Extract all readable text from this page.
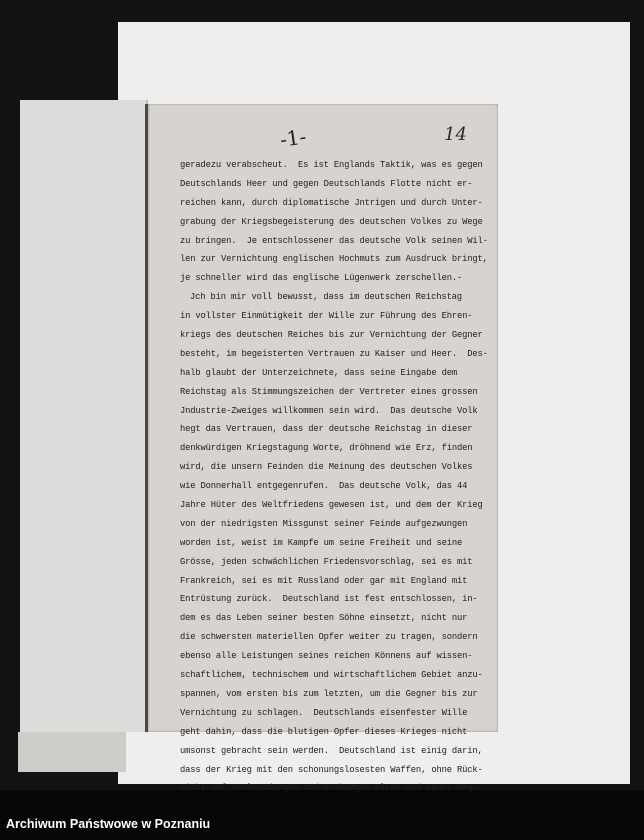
-1-	14
geradezu verabscheut.  Es ist Englands Taktik, was es gegen
Deutschlands Heer und gegen Deutschlands Flotte nicht er-
reichen kann, durch diplomatische Jntrigen und durch Unter-
grabung der Kriegsbegeisterung des deutschen Volkes zu Wege
zu bringen.  Je entschlossener das deutsche Volk seinen Wil-
len zur Vernichtung englischen Hochmuts zum Ausdruck bringt,
je schneller wird das englische Lügenwerk zerschellen.-
Jch bin mir voll bewusst, dass im deutschen Reichstag
in vollster Einmütigkeit der Wille zur Führung des Ehren-
kriegs des deutschen Reiches bis zur Vernichtung der Gegner
besteht, im begeisterten Vertrauen zu Kaiser und Heer.  Des-
halb glaubt der Unterzeichnete, dass seine Eingabe dem
Reichstag als Stimmungszeichen der Vertreter eines grossen
Jndustrie-Zweiges willkommen sein wird.  Das deutsche Volk
hegt das Vertrauen, dass der deutsche Reichstag in dieser
denkwürdigen Kriegstagung Worte, dröhnend wie Erz, finden
wird, die unsern Feinden die Meinung des deutschen Volkes
wie Donnerhall entgegenrufen.  Das deutsche Volk, das 44
Jahre Hüter des Weltfriedens gewesen ist, und dem der Krieg
von der niedrigsten Missgunst seiner Feinde aufgezwungen
worden ist, weist im Kampfe um seine Freiheit und seine
Grösse, jeden schwächlichen Friedensvorschlag, sei es mit
Frankreich, sei es mit Russland oder gar mit England mit
Entrüstung zurück.  Deutschland ist fest entschlossen, in-
dem es das Leben seiner besten Söhne einsetzt, nicht nur
die schwersten materiellen Opfer weiter zu tragen, sondern
ebenso alle Leistungen seines reichen Könnens auf wissen-
schaftlichem, technischem und wirtschaftlichem Gebiet anzu-
spannen, vom ersten bis zum letzten, um die Gegner bis zur
Vernichtung zu schlagen.  Deutschlands eisenfester Wille
geht dahin, dass die blutigen Opfer dieses Krieges nicht
umsonst gebracht sein werden.  Deutschland ist einig darin,
dass der Krieg mit den schonungslosesten Waffen, ohne Rück-
sicht auf Verleumdungen und Drohungen alter und neuer Geg-
Archiwum Państwowe w Poznaniu
